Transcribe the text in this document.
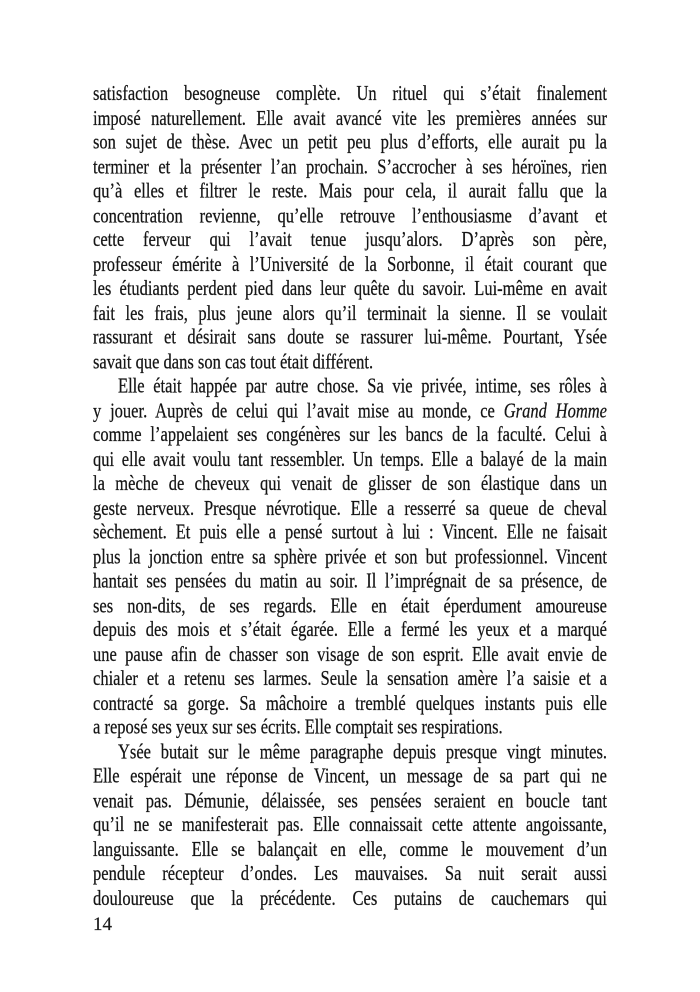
satisfaction besogneuse complète. Un rituel qui s’était finalement
imposé naturellement. Elle avait avancé vite les premières années sur
son sujet de thèse. Avec un petit peu plus d’efforts, elle aurait pu la
terminer et la présenter l’an prochain. S’accrocher à ses héroïnes, rien
qu’à elles et filtrer le reste. Mais pour cela, il aurait fallu que la
concentration revienne, qu’elle retrouve l’enthousiasme d’avant et
cette ferveur qui l’avait tenue jusqu’alors. D’après son père,
professeur émérite à l’Université de la Sorbonne, il était courant que
les étudiants perdent pied dans leur quête du savoir. Lui-même en avait
fait les frais, plus jeune alors qu’il terminait la sienne. Il se voulait
rassurant et désirait sans doute se rassurer lui-même. Pourtant, Ysée
savait que dans son cas tout était différent.
Elle était happée par autre chose. Sa vie privée, intime, ses rôles à
y jouer. Auprès de celui qui l’avait mise au monde, ce Grand Homme
comme l’appelaient ses congénères sur les bancs de la faculté. Celui à
qui elle avait voulu tant ressembler. Un temps. Elle a balayé de la main
la mèche de cheveux qui venait de glisser de son élastique dans un
geste nerveux. Presque névrotique. Elle a resserré sa queue de cheval
sèchement. Et puis elle a pensé surtout à lui : Vincent. Elle ne faisait
plus la jonction entre sa sphère privée et son but professionnel. Vincent
hantait ses pensées du matin au soir. Il l’imprégnait de sa présence, de
ses non-dits, de ses regards. Elle en était éperdument amoureuse
depuis des mois et s’était égarée. Elle a fermé les yeux et a marqué
une pause afin de chasser son visage de son esprit. Elle avait envie de
chialer et a retenu ses larmes. Seule la sensation amère l’a saisie et a
contracté sa gorge. Sa mâchoire a tremblé quelques instants puis elle
a reposé ses yeux sur ses écrits. Elle comptait ses respirations.
Ysée butait sur le même paragraphe depuis presque vingt minutes.
Elle espérait une réponse de Vincent, un message de sa part qui ne
venait pas. Démunie, délaissée, ses pensées seraient en boucle tant
qu’il ne se manifesterait pas. Elle connaissait cette attente angoissante,
languissante. Elle se balançait en elle, comme le mouvement d’un
pendule récepteur d’ondes. Les mauvaises. Sa nuit serait aussi
douloureuse que la précédente. Ces putains de cauchemars qui
14
